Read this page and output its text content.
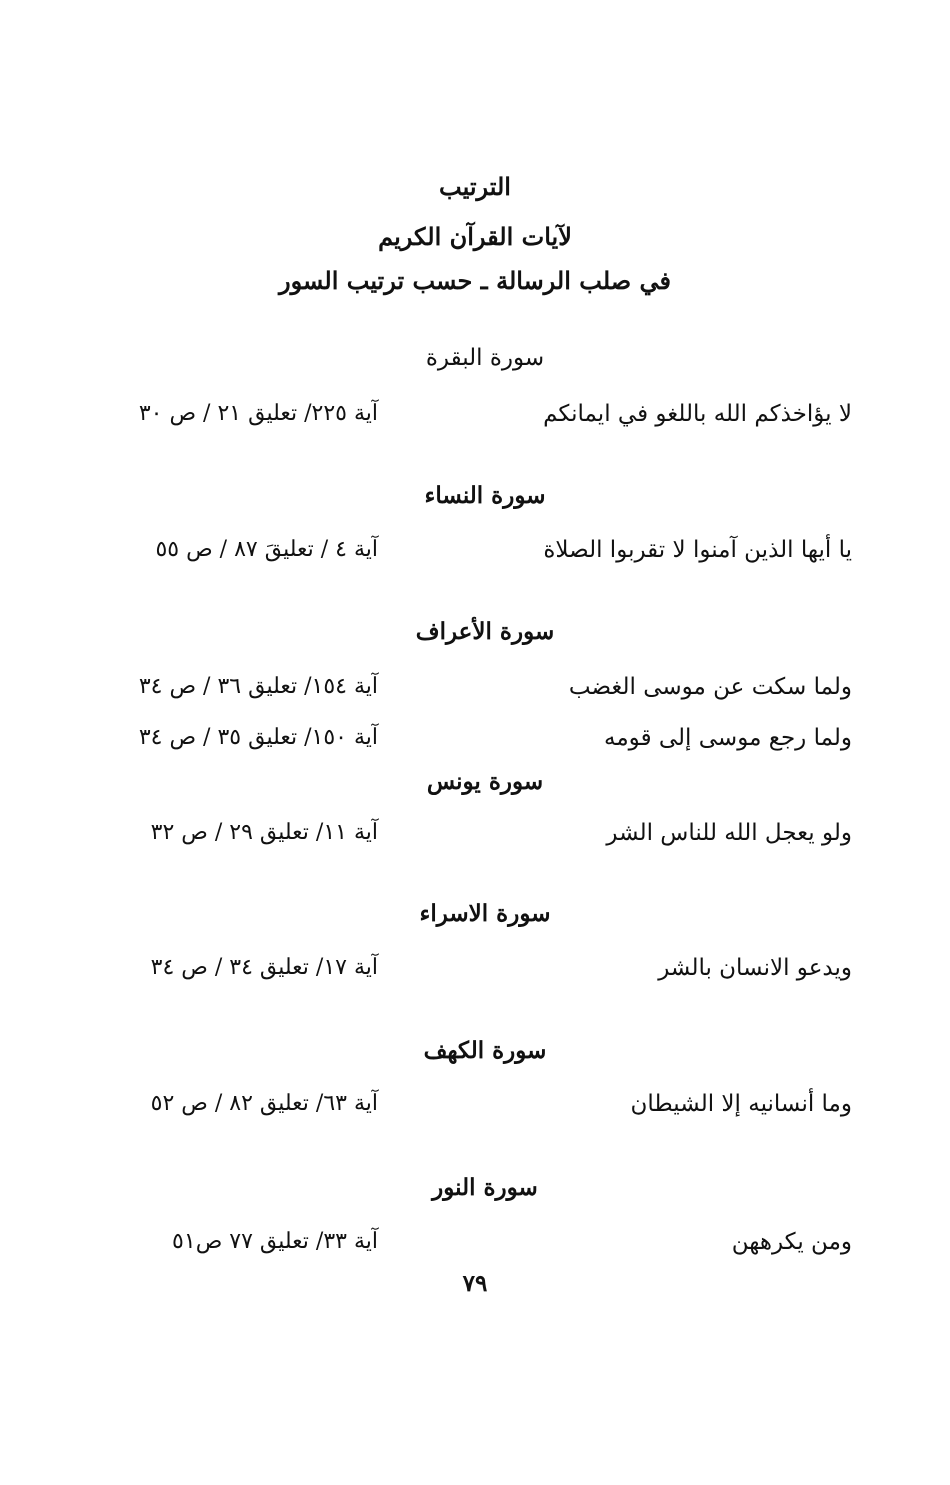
الترتيب
لآيات القرآن الكريم
في صلب الرسالة ـ حسب ترتيب السور
سورة البقرة
لا يؤاخذكم الله باللغو في ايمانكم
آية ٢٢٥/ تعليق ٢١ / ص ٣٠
سورة النساء
يا أيها الذين آمنوا لا تقربوا الصلاة
آية ٤ / تعليقَ ٨٧ / ص ٥٥
سورة الأعراف
ولما سكت عن موسى الغضب
آية ١٥٤/ تعليق ٣٦ / ص ٣٤
ولما رجع موسى إلى قومه
آية ١٥٠/ تعليق ٣٥ / ص ٣٤
سورة يونس
ولو يعجل الله للناس الشر
آية ١١/ تعليق ٢٩ / ص ٣٢
سورة الاسراء
ويدعو الانسان بالشر
آية ١٧/ تعليق ٣٤ / ص ٣٤
سورة الكهف
وما أنسانيه إلا الشيطان
آية ٦٣/ تعليق ٨٢ / ص ٥٢
سورة النور
ومن يكرههن
آية ٣٣/ تعليق ٧٧ ص٥١
٧٩
